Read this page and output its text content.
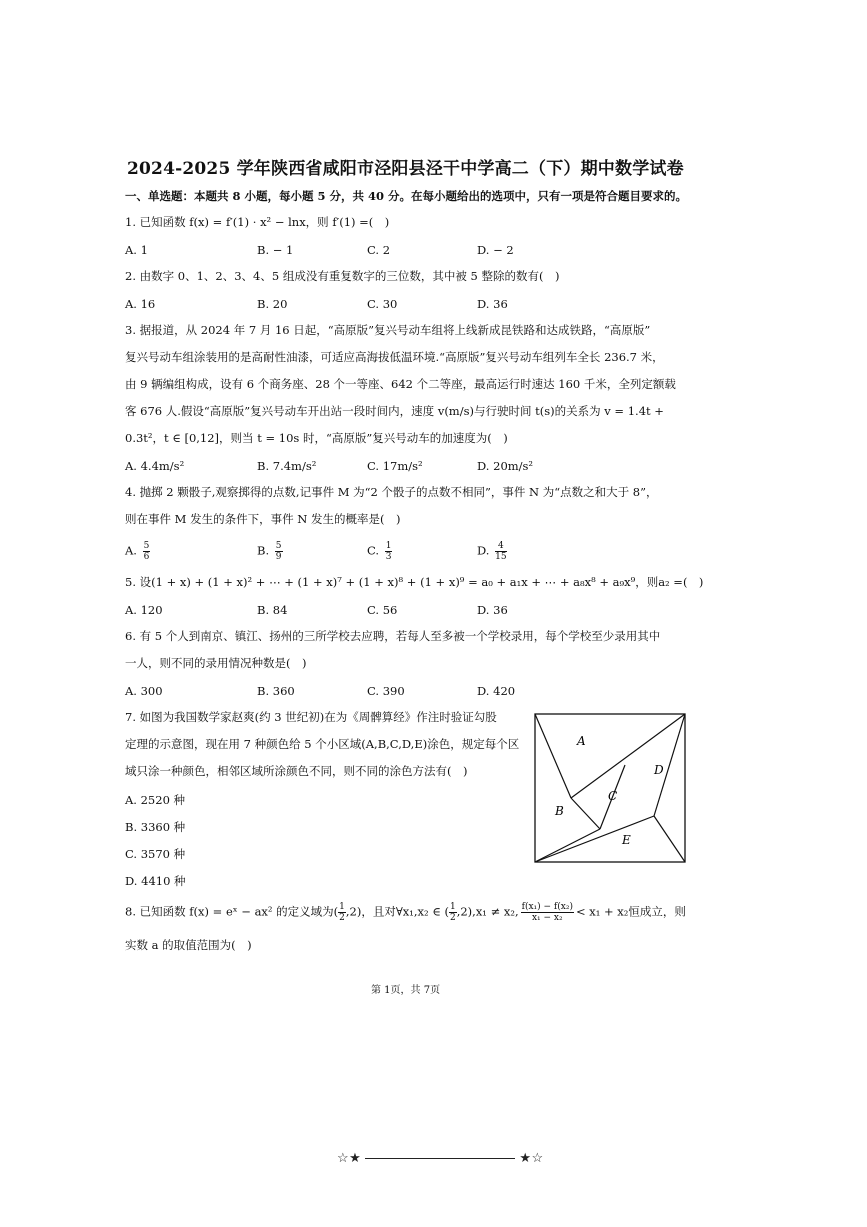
2024-2025 学年陕西省咸阳市泾阳县泾干中学高二（下）期中数学试卷
一、单选题：本题共 8 小题，每小题 5 分，共 40 分。在每小题给出的选项中，只有一项是符合题目要求的。
1. 已知函数 f(x) = f′(1) · x² − lnx，则 f′(1) =(　)
A. 1	B. − 1	C. 2	D. − 2
2. 由数字 0、1、2、3、4、5 组成没有重复数字的三位数，其中被 5 整除的数有(　)
A. 16	B. 20	C. 30	D. 36
3. 据报道，从 2024 年 7 月 16 日起，“高原版”复兴号动车组将上线新成昆铁路和达成铁路，“高原版”
复兴号动车组涂装用的是高耐性油漆，可适应高海拔低温环境.“高原版”复兴号动车组列车全长 236.7 米，
由 9 辆编组构成，设有 6 个商务座、28 个一等座、642 个二等座，最高运行时速达 160 千米，全列定额载
客 676 人.假设“高原版”复兴号动车开出站一段时间内，速度 v(m/s)与行驶时间 t(s)的关系为 v = 1.4t +
0.3t²，t ∈ [0,12]，则当 t = 10s 时，“高原版”复兴号动车的加速度为(　)
A. 4.4m/s²	B. 7.4m/s²	C. 17m/s²	D. 20m/s²
4. 抛掷 2 颗骰子,观察掷得的点数,记事件 M 为“2 个骰子的点数不相同”，事件 N 为“点数之和大于 8”，
则在事件 M 发生的条件下，事件 N 发生的概率是(　)
A. $\frac{5}{6}$	B. $\frac{5}{9}$	C. $\frac{1}{3}$	D. $\frac{4}{15}$
5. 设(1 + x) + (1 + x)² + ⋯ + (1 + x)⁷ + (1 + x)⁸ + (1 + x)⁹ = a₀ + a₁x + ⋯ + a₈x⁸ + a₉x⁹，则a₂ =(　)
A. 120	B. 84	C. 56	D. 36
6. 有 5 个人到南京、镇江、扬州的三所学校去应聘，若每人至多被一个学校录用，每个学校至少录用其中
一人，则不同的录用情况种数是(　)
A. 300	B. 360	C. 390	D. 420
7. 如图为我国数学家赵爽(约 3 世纪初)在为《周髀算经》作注时验证勾股
定理的示意图，现在用 7 种颜色给 5 个小区域(A,B,C,D,E)涂色，规定每个区
域只涂一种颜色，相邻区域所涂颜色不同，则不同的涂色方法有(　)
A. 2520 种
B. 3360 种
C. 3570 种
D. 4410 种
A
B
C
D
E
8. 已知函数 f(x) = eˣ − ax² 的定义域为( $\frac{1}{2} ,2$)，且对∀x₁,x₂ ∈ ( $\frac{1}{2} ,2),x_1 \ne x_2$, $\frac{\text{f(x₁) − f(x₂)}}{\text{x₁ − x₂}} < x_1 + x_2$恒成立，则
实数 a 的取值范围为(　)
第 1页，共 7页
☆★	★☆
